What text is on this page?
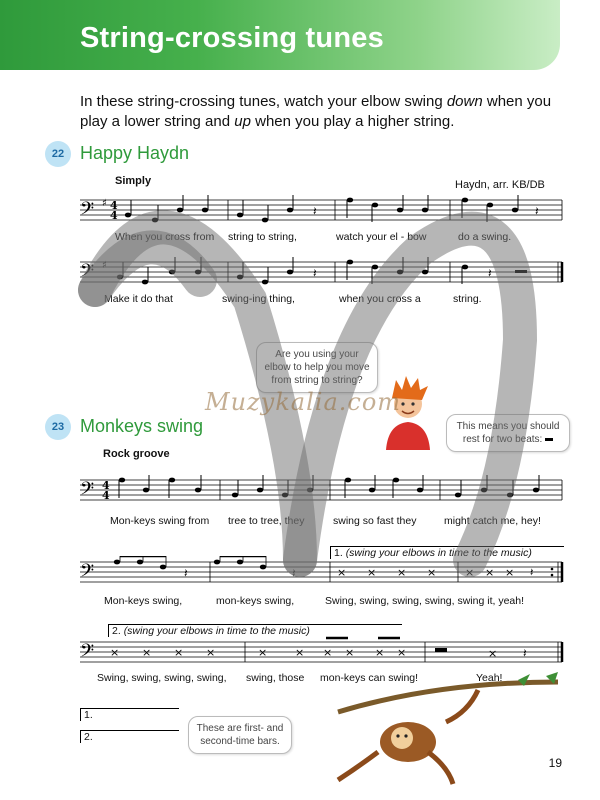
String-crossing tunes
In these string-crossing tunes, watch your elbow swing down when you play a lower string and up when you play a higher string.
22 Happy Haydn
Simply	Haydn, arr. KB/DB
𝄢 ♯ 4
4	𝄽	𝄽
When you cross from string to string,	watch your el - bow	do a swing.
𝄢 ♯
𝄽
𝄽
Make it do that	swing-ing thing,	when you cross a	string.
Are you using your elbow to help you move from string to string?
23 Monkeys swing	This means you should rest for two beats:
Rock groove
𝄢 4
4
Mon-keys swing from tree to tree, they	swing so fast they	might catch me, hey!
1. (swing your elbows in time to the music)
𝄢	𝄽	𝄽	× × × ×	× × × 𝄽
Mon-keys swing,	mon-keys swing,	Swing, swing, swing, swing, swing it, yeah!
2. (swing your elbows in time to the music)
𝄢 × × × ×	×	× × × × ×	× 𝄽
Swing, swing, swing, swing, swing, those mon-keys can swing!	Yeah!
1.
2.
These are first- and second-time bars.
Muzykalia.com
19
